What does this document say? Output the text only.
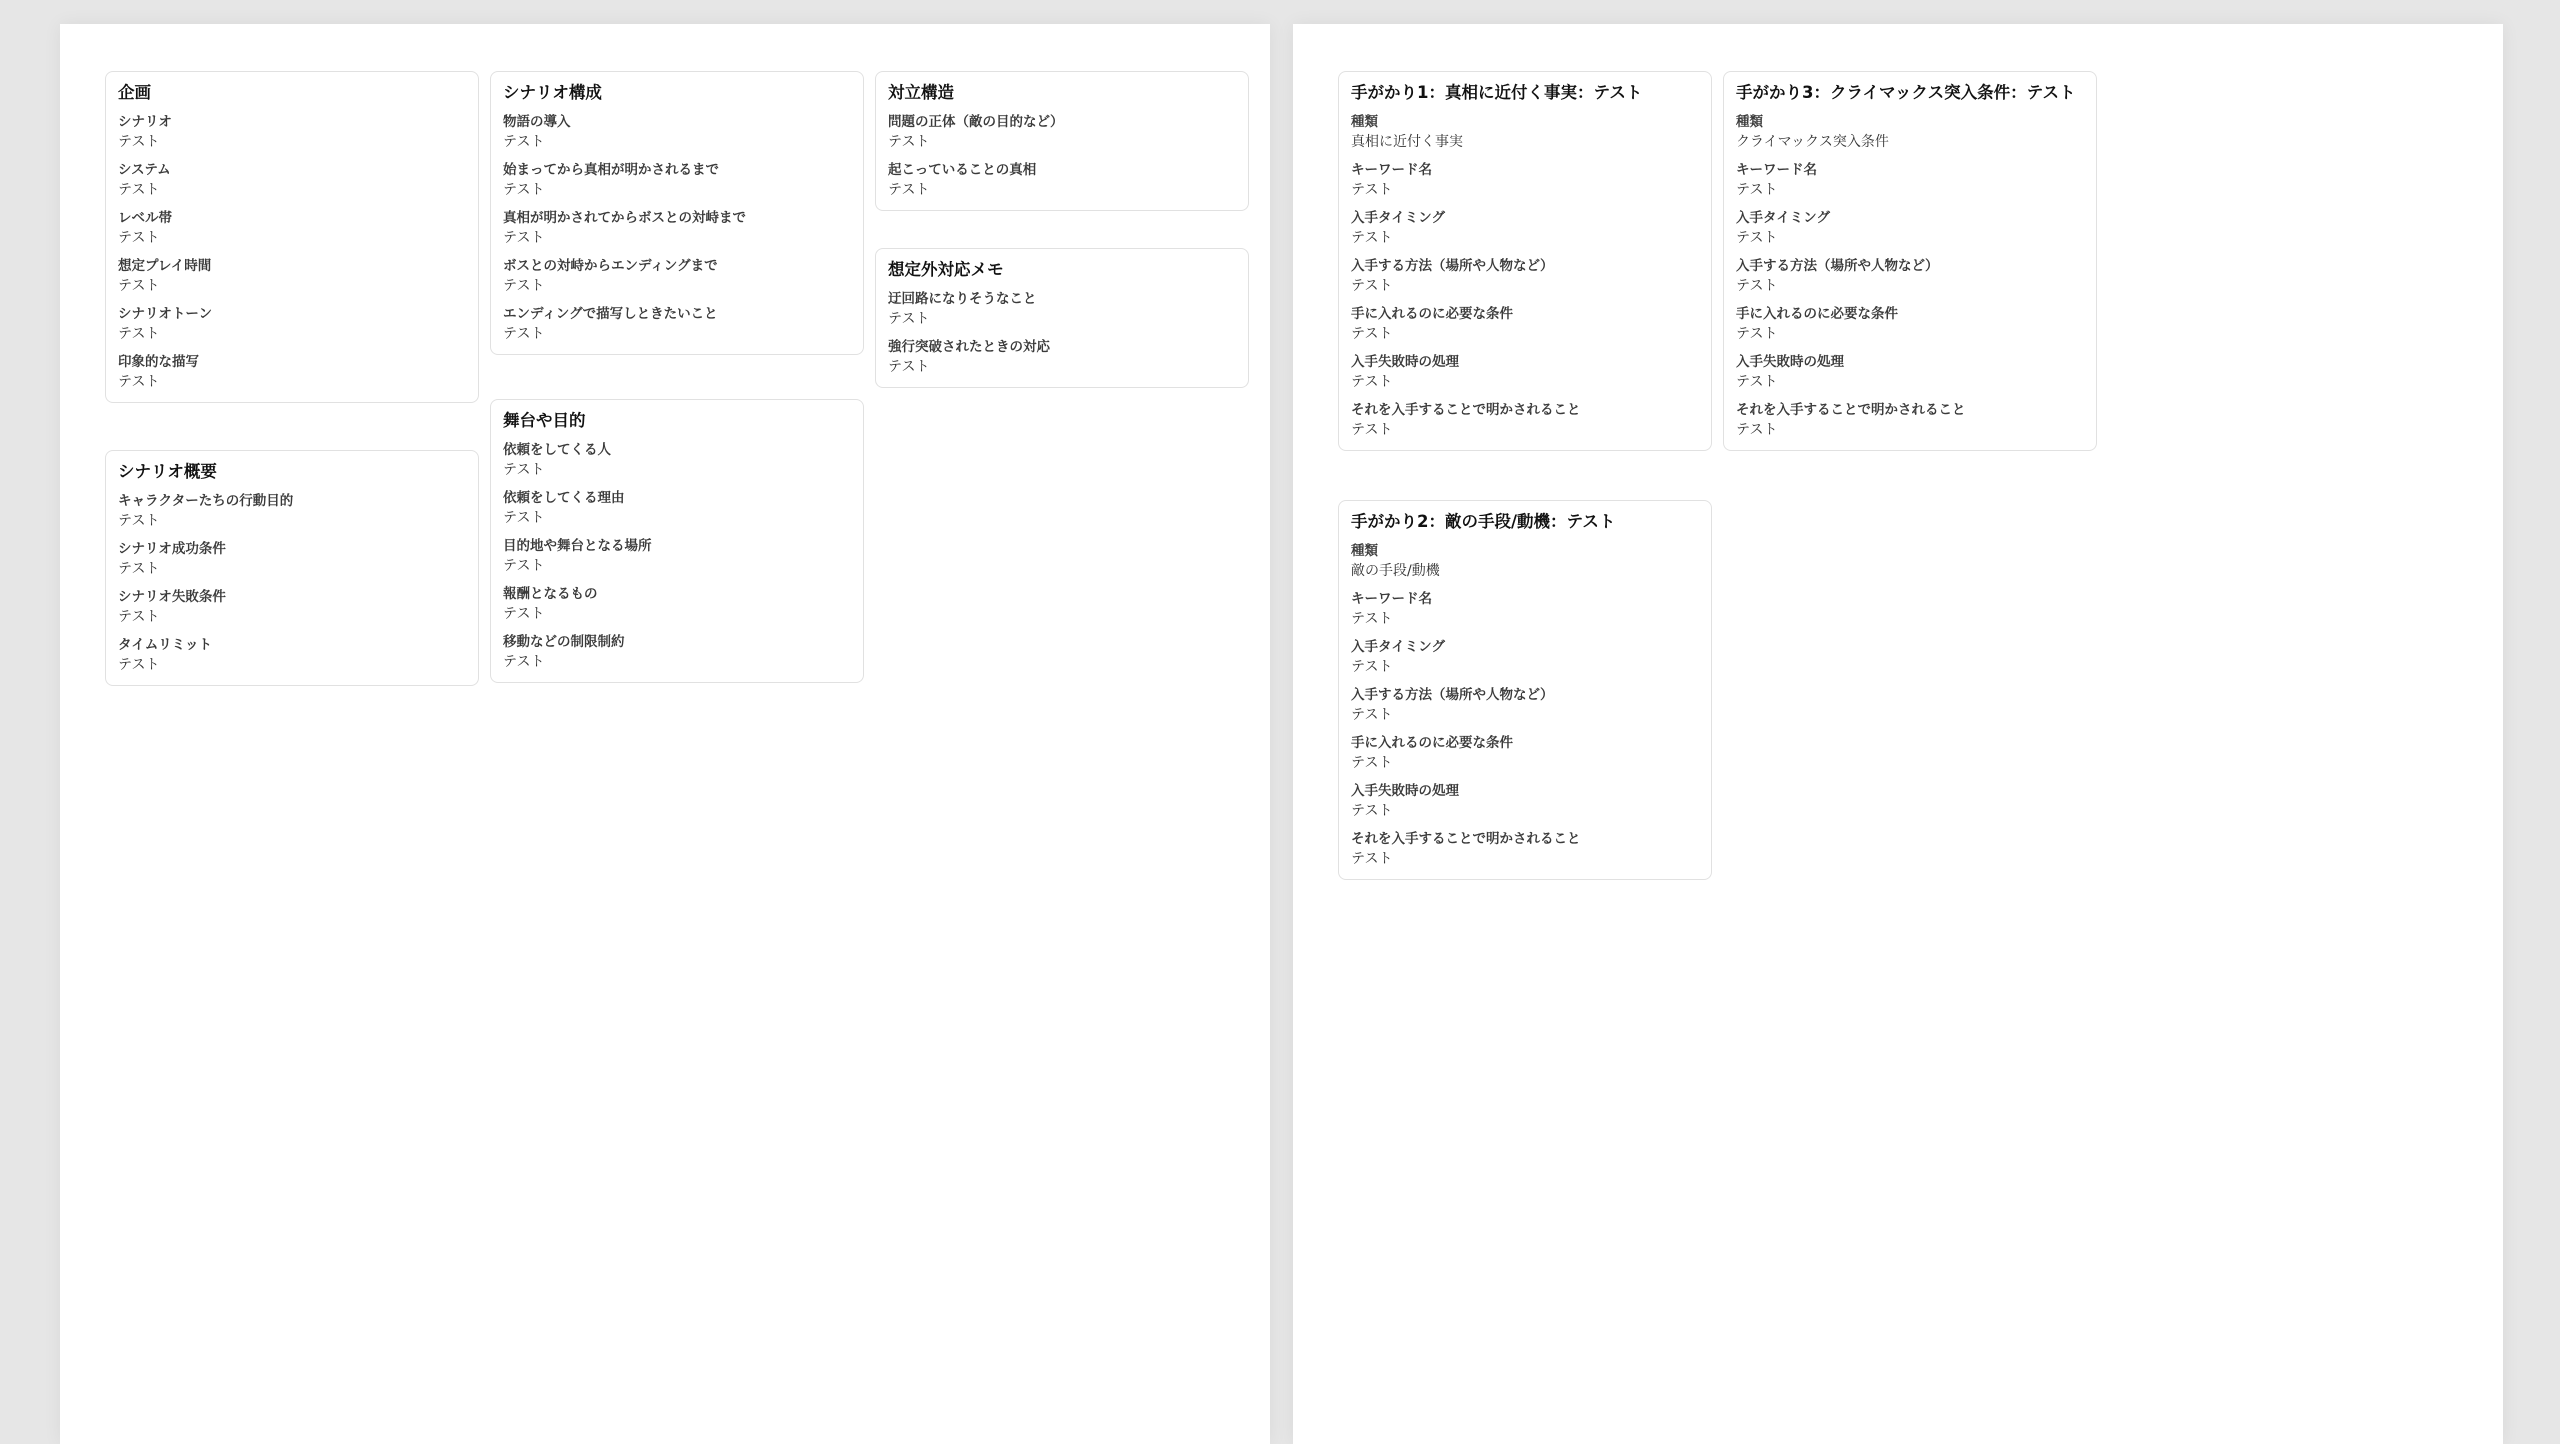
企画
シナリオ
テスト
システム
テスト
レベル帯
テスト
想定プレイ時間
テスト
シナリオトーン
テスト
印象的な描写
テスト
シナリオ概要
キャラクターたちの行動目的
テスト
シナリオ成功条件
テスト
シナリオ失敗条件
テスト
タイムリミット
テスト
シナリオ構成
物語の導入
テスト
始まってから真相が明かされるまで
テスト
真相が明かされてからボスとの対峙まで
テスト
ボスとの対峙からエンディングまで
テスト
エンディングで描写しときたいこと
テスト
舞台や目的
依頼をしてくる人
テスト
依頼をしてくる理由
テスト
目的地や舞台となる場所
テスト
報酬となるもの
テスト
移動などの制限制約
テスト
対立構造
問題の正体（敵の目的など）
テスト
起こっていることの真相
テスト
想定外対応メモ
迂回路になりそうなこと
テスト
強行突破されたときの対応
テスト
手がかり1：真相に近付く事実：テスト
種類
真相に近付く事実
キーワード名
テスト
入手タイミング
テスト
入手する方法（場所や人物など）
テスト
手に入れるのに必要な条件
テスト
入手失敗時の処理
テスト
それを入手することで明かされること
テスト
手がかり2：敵の手段/動機：テスト
種類
敵の手段/動機
キーワード名
テスト
入手タイミング
テスト
入手する方法（場所や人物など）
テスト
手に入れるのに必要な条件
テスト
入手失敗時の処理
テスト
それを入手することで明かされること
テスト
手がかり3：クライマックス突入条件：テスト
種類
クライマックス突入条件
キーワード名
テスト
入手タイミング
テスト
入手する方法（場所や人物など）
テスト
手に入れるのに必要な条件
テスト
入手失敗時の処理
テスト
それを入手することで明かされること
テスト
